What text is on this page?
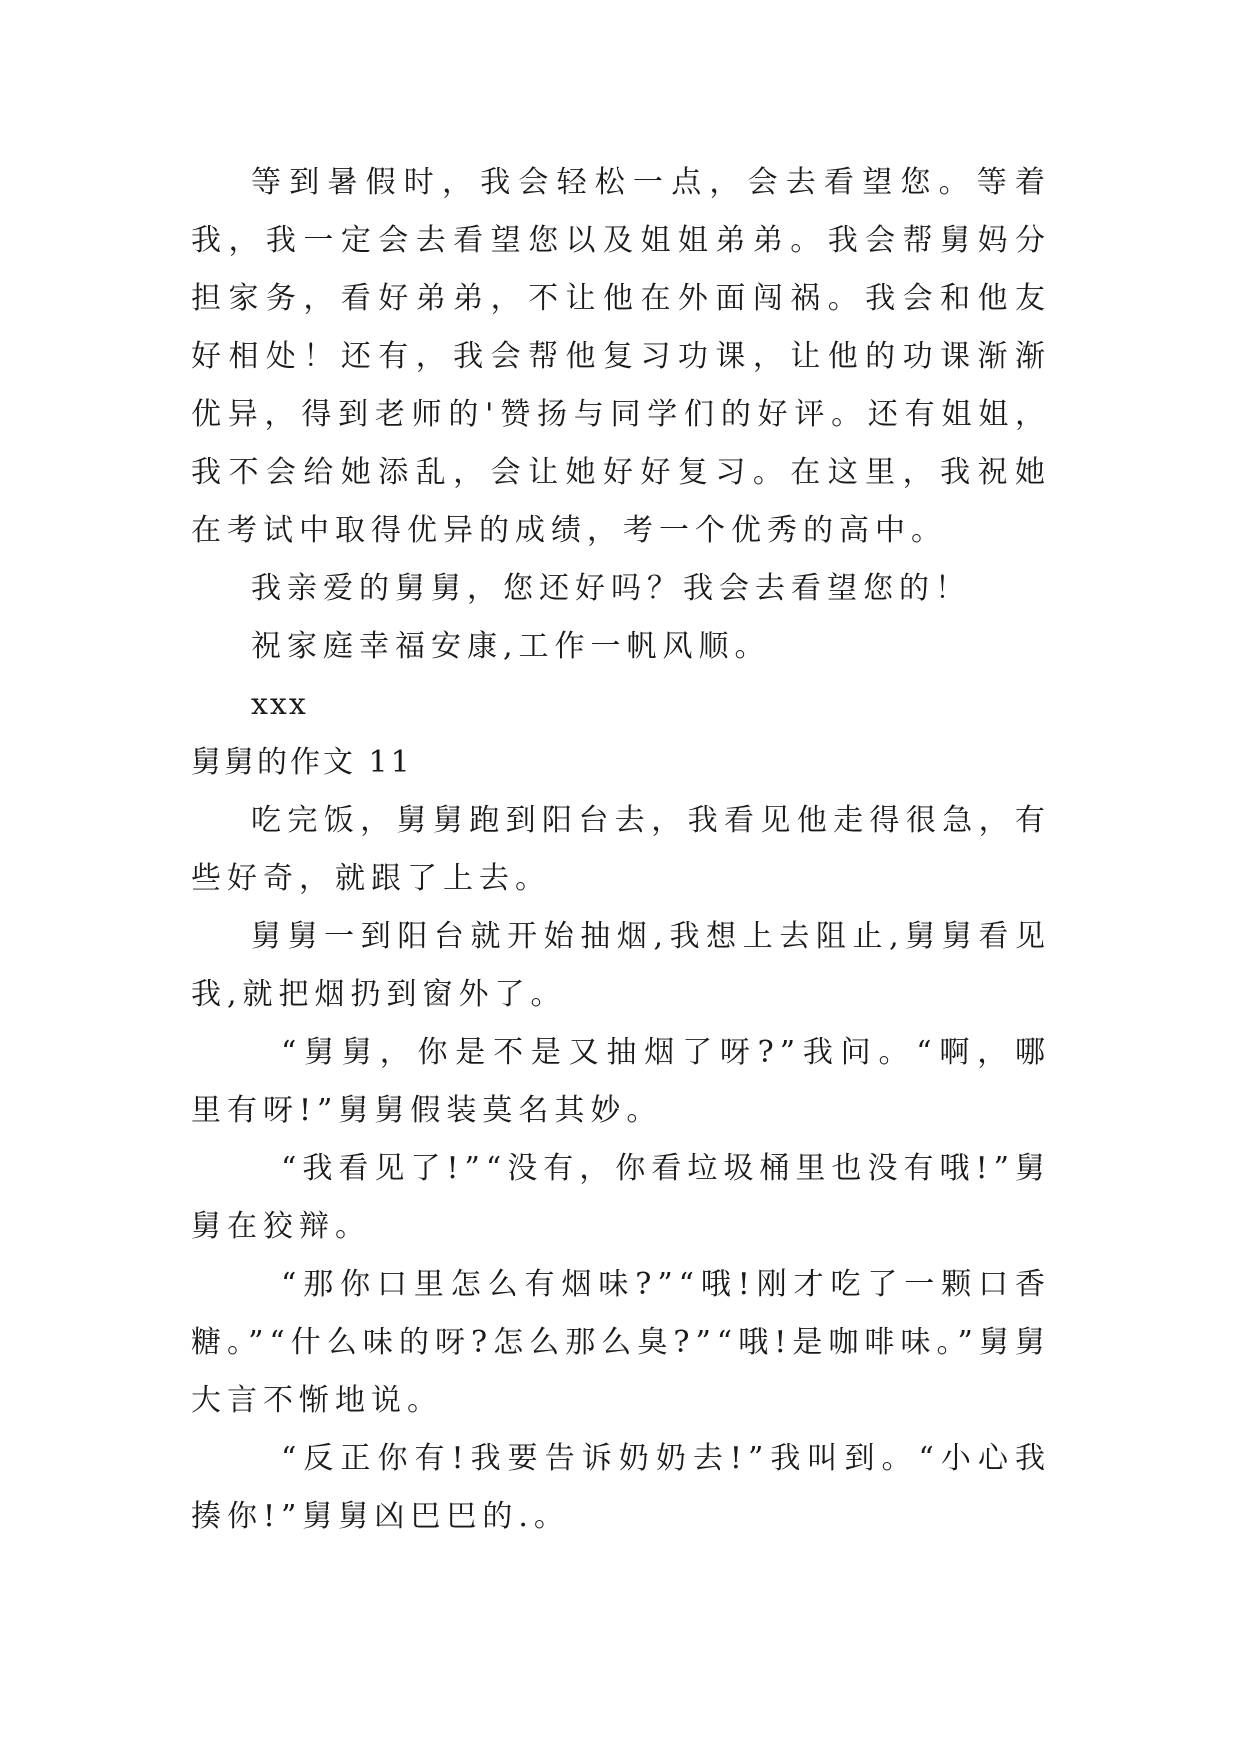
等到暑假时，我会轻松一点，会去看望您。等着我，我一定会去看望您以及姐姐弟弟。我会帮舅妈分担家务，看好弟弟，不让他在外面闯祸。我会和他友好相处！还有，我会帮他复习功课，让他的功课渐渐优异，得到老师的'赞扬与同学们的好评。还有姐姐，我不会给她添乱，会让她好好复习。在这里，我祝她在考试中取得优异的成绩，考一个优秀的高中。

我亲爱的舅舅，您还好吗？我会去看望您的！

祝家庭幸福安康,工作一帆风顺。

xxx

舅舅的作文 11

吃完饭，舅舅跑到阳台去，我看见他走得很急，有些好奇，就跟了上去。

舅舅一到阳台就开始抽烟,我想上去阻止,舅舅看见我,就把烟扔到窗外了。

“舅舅，你是不是又抽烟了呀?”我问。“啊，哪里有呀!”舅舅假装莫名其妙。

“我看见了!”“没有，你看垃圾桶里也没有哦!”舅舅在狡辩。

“那你口里怎么有烟味?”“哦!刚才吃了一颗口香糖。”“什么味的呀?怎么那么臭?”“哦!是咖啡味。”舅舅大言不惭地说。

“反正你有!我要告诉奶奶去!”我叫到。“小心我揍你!”舅舅凶巴巴的.。
